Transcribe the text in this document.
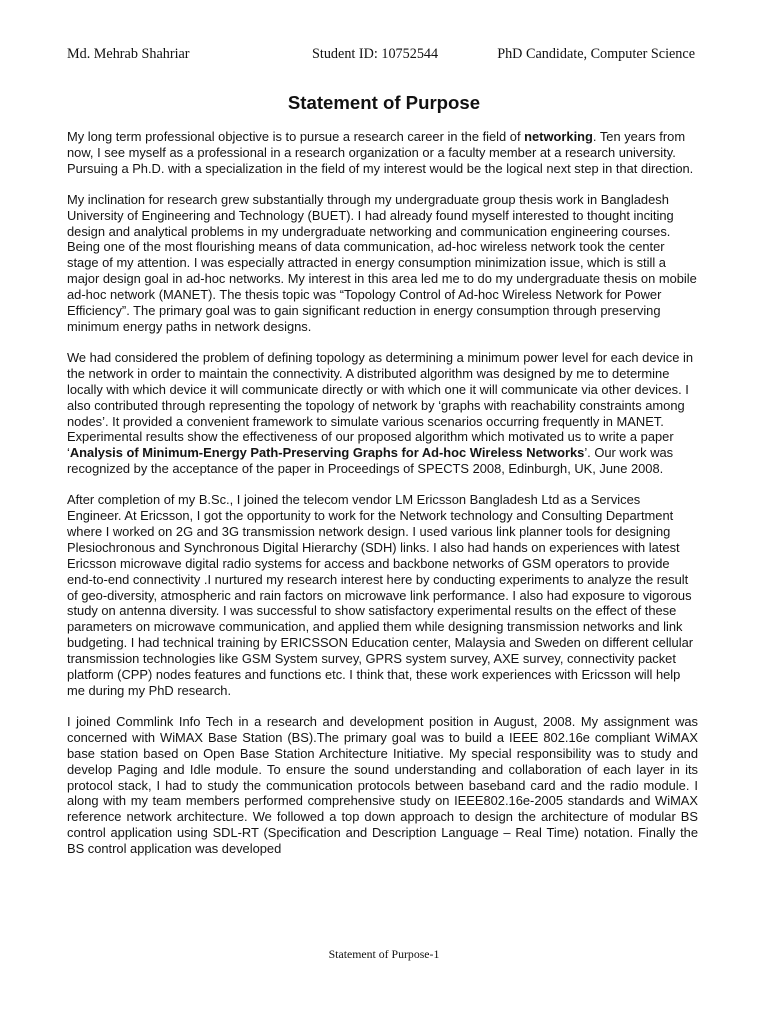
Md. Mehrab Shahriar	Student ID: 10752544	PhD Candidate, Computer Science
Statement of Purpose

My long term professional objective is to pursue a research career in the field of networking. Ten years from now, I see myself as a professional in a research organization or a faculty member at a research university. Pursuing a Ph.D. with a specialization in the field of my interest would be the logical next step in that direction.

My inclination for research grew substantially through my undergraduate group thesis work in Bangladesh University of Engineering and Technology (BUET). I had already found myself interested to thought inciting design and analytical problems in my undergraduate networking and communication engineering courses. Being one of the most flourishing means of data communication, ad-hoc wireless network took the center stage of my attention. I was especially attracted in energy consumption minimization issue, which is still a major design goal in ad-hoc networks. My interest in this area led me to do my undergraduate thesis on mobile ad-hoc network (MANET). The thesis topic was “Topology Control of Ad-hoc Wireless Network for Power Efficiency”. The primary goal was to gain significant reduction in energy consumption through preserving minimum energy paths in network designs.

We had considered the problem of defining topology as determining a minimum power level for each device in the network in order to maintain the connectivity. A distributed algorithm was designed by me to determine locally with which device it will communicate directly or with which one it will communicate via other devices. I also contributed through representing the topology of network by ‘graphs with reachability constraints among nodes’. It provided a convenient framework to simulate various scenarios occurring frequently in MANET. Experimental results show the effectiveness of our proposed algorithm which motivated us to write a paper ‘Analysis of Minimum-Energy Path-Preserving Graphs for Ad-hoc Wireless Networks’. Our work was recognized by the acceptance of the paper in Proceedings of SPECTS 2008, Edinburgh, UK, June 2008.

After completion of my B.Sc., I joined the telecom vendor LM Ericsson Bangladesh Ltd as a Services Engineer. At Ericsson, I got the opportunity to work for the Network technology and Consulting Department where I worked on 2G and 3G transmission network design. I used various link planner tools for designing Plesiochronous and Synchronous Digital Hierarchy (SDH) links. I also had hands on experiences with latest Ericsson microwave digital radio systems for access and backbone networks of GSM operators to provide end-to-end connectivity .I nurtured my research interest here by conducting experiments to analyze the result of geo-diversity, atmospheric and rain factors on microwave link performance. I also had exposure to vigorous study on antenna diversity. I was successful to show satisfactory experimental results on the effect of these parameters on microwave communication, and applied them while designing transmission networks and link budgeting. I had technical training by ERICSSON Education center, Malaysia and Sweden on different cellular transmission technologies like GSM System survey, GPRS system survey, AXE survey, connectivity packet platform (CPP) nodes features and functions etc. I think that, these work experiences with Ericsson will help me during my PhD research.

I joined Commlink Info Tech in a research and development position in August, 2008. My assignment was concerned with WiMAX Base Station (BS).The primary goal was to build a IEEE 802.16e compliant WiMAX base station based on Open Base Station Architecture Initiative. My special responsibility was to study and develop Paging and Idle module. To ensure the sound understanding and collaboration of each layer in its protocol stack, I had to study the communication protocols between baseband card and the radio module. I along with my team members performed comprehensive study on IEEE802.16e-2005 standards and WiMAX reference network architecture. We followed a top down approach to design the architecture of modular BS control application using SDL-RT (Specification and Description Language – Real Time) notation. Finally the BS control application was developed

Statement of Purpose-1
